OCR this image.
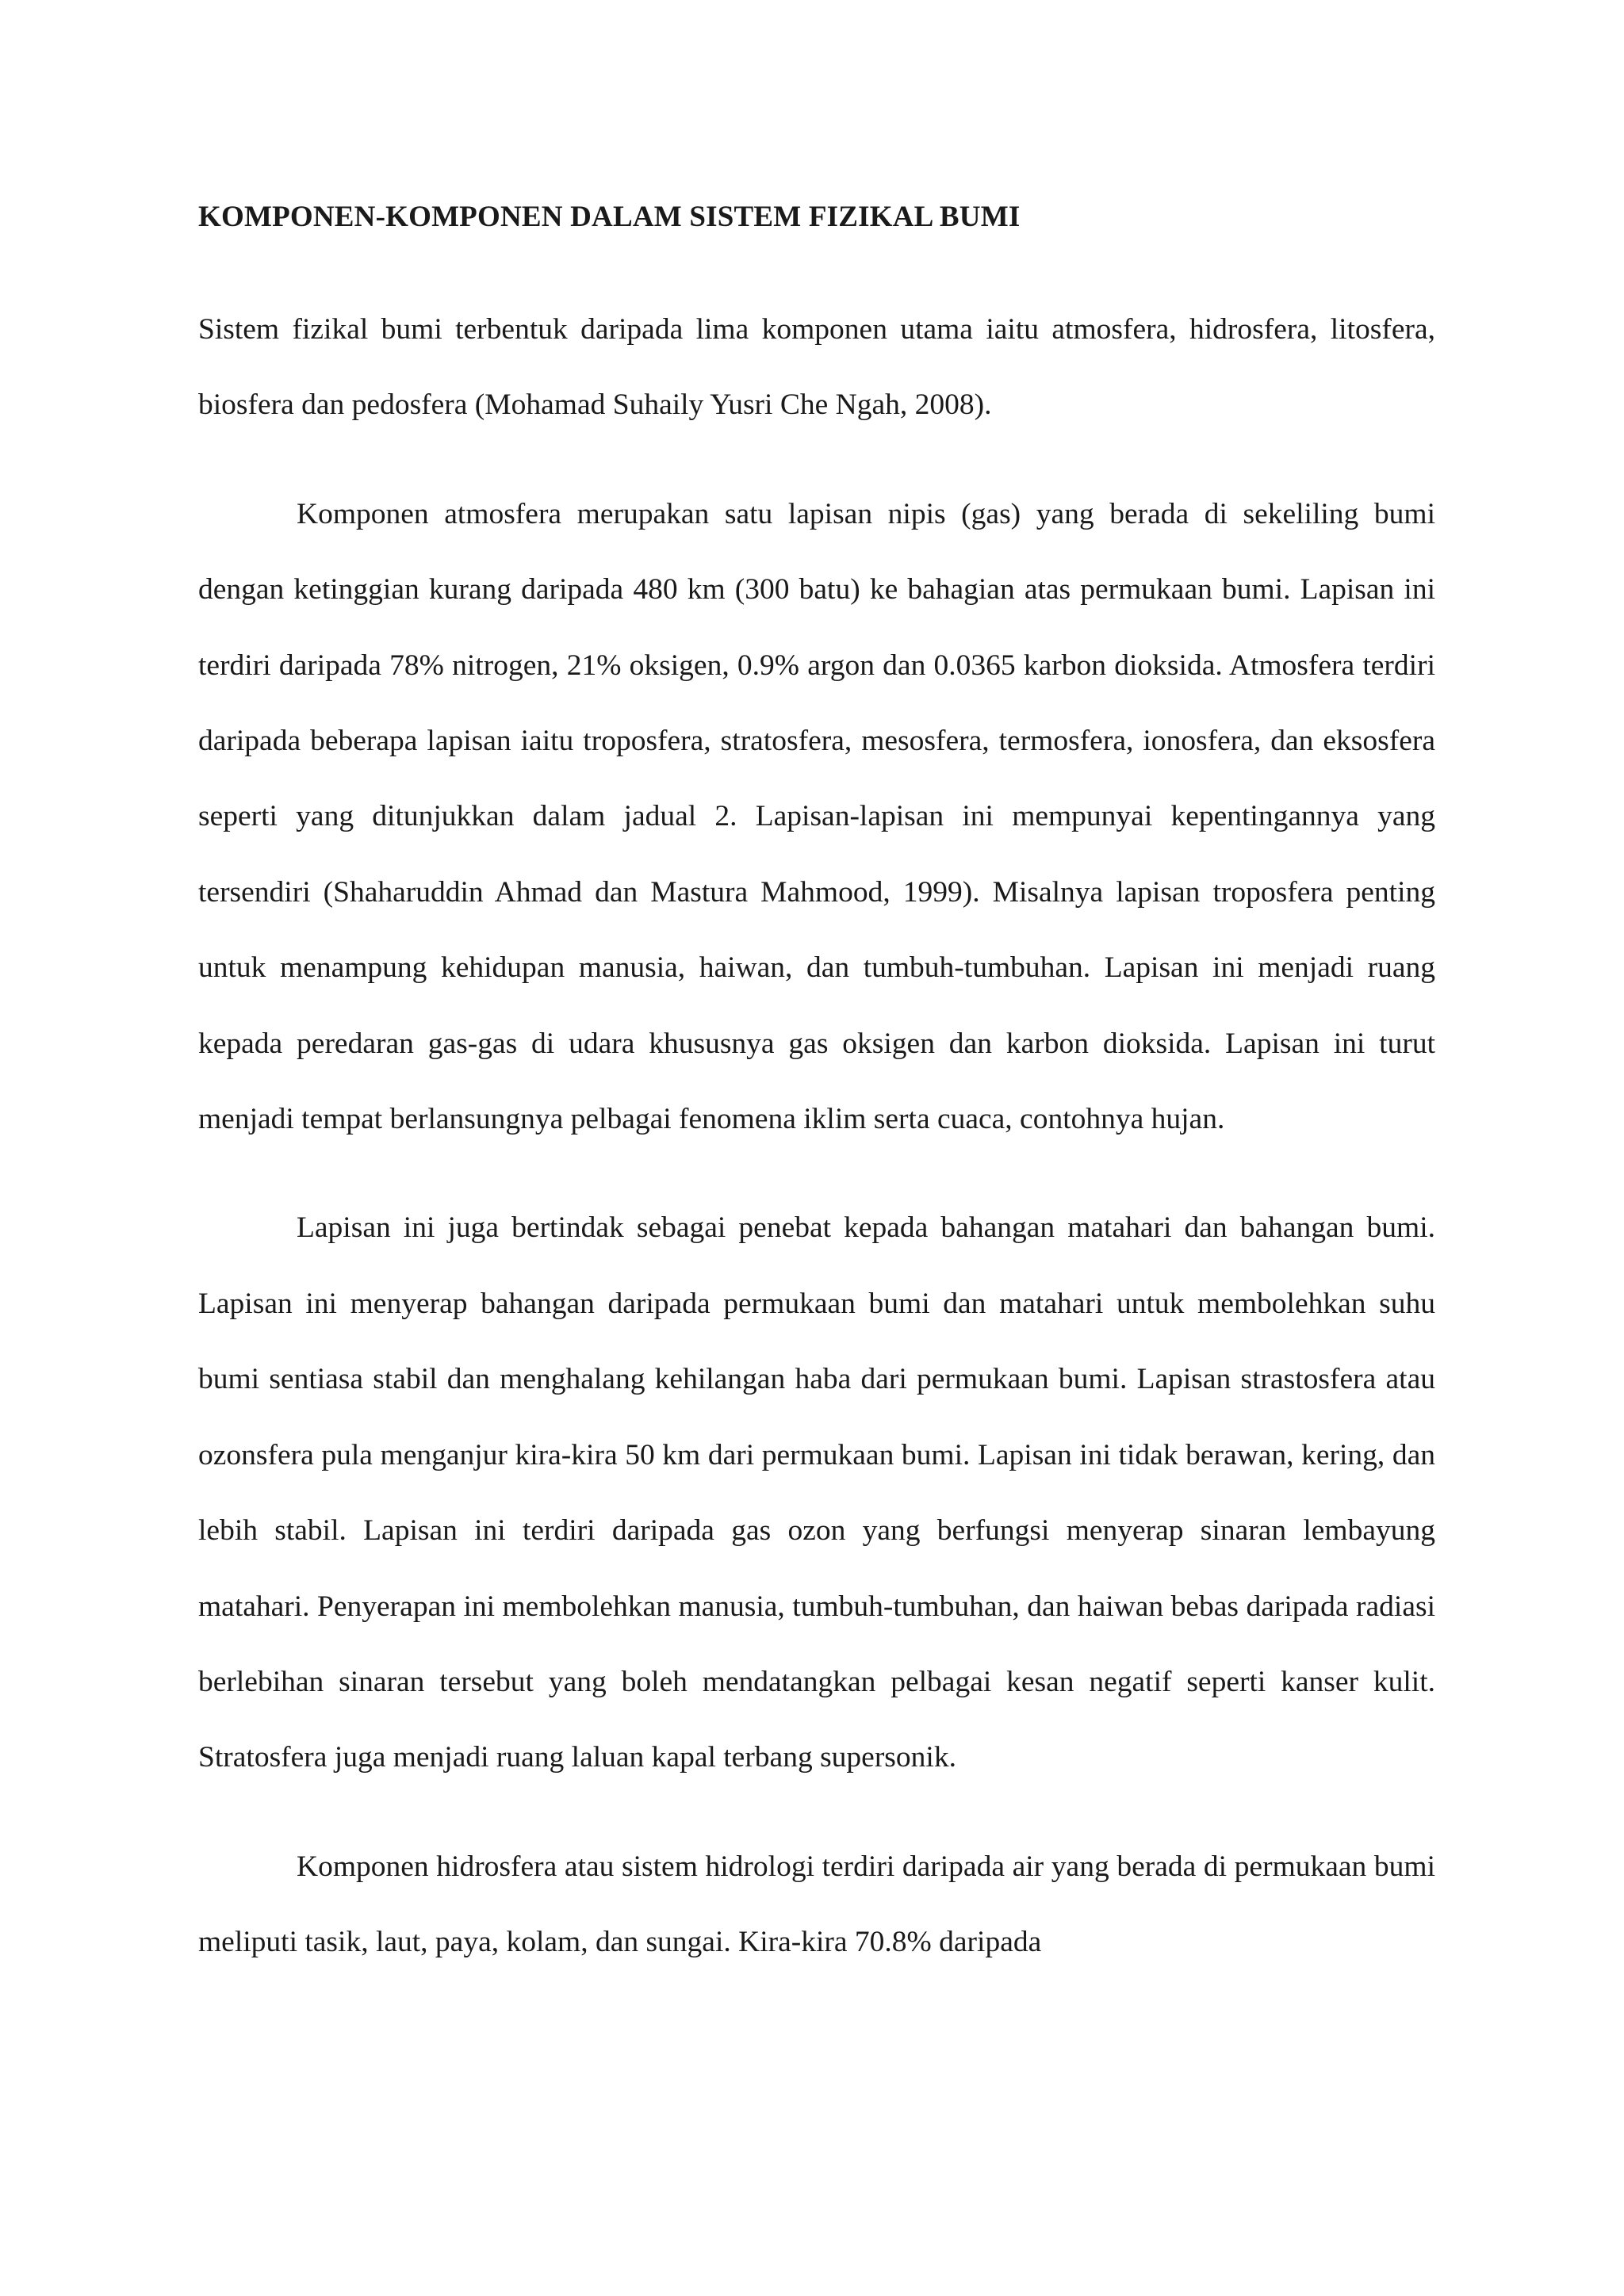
KOMPONEN-KOMPONEN DALAM SISTEM FIZIKAL BUMI

Sistem fizikal bumi terbentuk daripada lima komponen utama iaitu atmosfera, hidrosfera, litosfera, biosfera dan pedosfera (Mohamad Suhaily Yusri Che Ngah, 2008).

Komponen atmosfera merupakan satu lapisan nipis (gas) yang berada di sekeliling bumi dengan ketinggian kurang daripada 480 km (300 batu) ke bahagian atas permukaan bumi. Lapisan ini terdiri daripada 78% nitrogen, 21% oksigen, 0.9% argon dan 0.0365 karbon dioksida. Atmosfera terdiri daripada beberapa lapisan iaitu troposfera, stratosfera, mesosfera, termosfera, ionosfera, dan eksosfera seperti yang ditunjukkan dalam jadual 2. Lapisan-lapisan ini mempunyai kepentingannya yang tersendiri (Shaharuddin Ahmad dan Mastura Mahmood, 1999). Misalnya lapisan troposfera penting untuk menampung kehidupan manusia, haiwan, dan tumbuh-tumbuhan. Lapisan ini menjadi ruang kepada peredaran gas-gas di udara khususnya gas oksigen dan karbon dioksida. Lapisan ini turut menjadi tempat berlansungnya pelbagai fenomena iklim serta cuaca, contohnya hujan.

Lapisan ini juga bertindak sebagai penebat kepada bahangan matahari dan bahangan bumi. Lapisan ini menyerap bahangan daripada permukaan bumi dan matahari untuk membolehkan suhu bumi sentiasa stabil dan menghalang kehilangan haba dari permukaan bumi. Lapisan strastosfera atau ozonsfera pula menganjur kira-kira 50 km dari permukaan bumi. Lapisan ini tidak berawan, kering, dan lebih stabil. Lapisan ini terdiri daripada gas ozon yang berfungsi menyerap sinaran lembayung matahari. Penyerapan ini membolehkan manusia, tumbuh-tumbuhan, dan haiwan bebas daripada radiasi berlebihan sinaran tersebut yang boleh mendatangkan pelbagai kesan negatif seperti kanser kulit. Stratosfera juga menjadi ruang laluan kapal terbang supersonik.

Komponen hidrosfera atau sistem hidrologi terdiri daripada air yang berada di permukaan bumi meliputi tasik, laut, paya, kolam, dan sungai. Kira-kira 70.8% daripada
